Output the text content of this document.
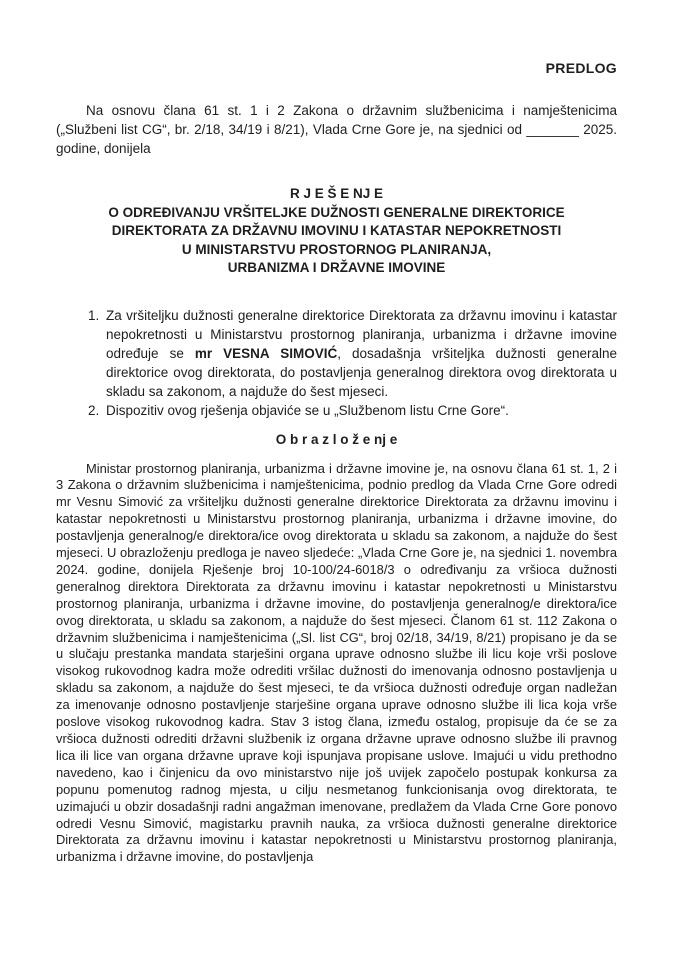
PREDLOG

Na osnovu člana 61 st. 1 i 2 Zakona o državnim službenicima i namještenicima („Službeni list CG“, br. 2/18, 34/19 i 8/21), Vlada Crne Gore je, na sjednici od _______ 2025. godine, donijela

R J E Š E NJ E
O ODREĐIVANJU VRŠITELJKE DUŽNOSTI GENERALNE DIREKTORICE
DIREKTORATA ZA DRŽAVNU IMOVINU I KATASTAR NEPOKRETNOSTI
U MINISTARSTVU PROSTORNOG PLANIRANJA,
URBANIZMA I DRŽAVNE IMOVINE
1. Za vršiteljku dužnosti generalne direktorice Direktorata za državnu imovinu i katastar nepokretnosti u Ministarstvu prostornog planiranja, urbanizma i državne imovine određuje se mr VESNA SIMOVIĆ, dosadašnja vršiteljka dužnosti generalne direktorice ovog direktorata, do postavljenja generalnog direktora ovog direktorata u skladu sa zakonom, a najduže do šest mjeseci.
2. Dispozitiv ovog rješenja objaviće se u „Službenom listu Crne Gore“.
O b r a z l o ž e nj e

Ministar prostornog planiranja, urbanizma i državne imovine je, na osnovu člana 61 st. 1, 2 i 3 Zakona o državnim službenicima i namještenicima, podnio predlog da Vlada Crne Gore odredi mr Vesnu Simović za vršiteljku dužnosti generalne direktorice Direktorata za državnu imovinu i katastar nepokretnosti u Ministarstvu prostornog planiranja, urbanizma i državne imovine, do postavljenja generalnog/e direktora/ice ovog direktorata u skladu sa zakonom, a najduže do šest mjeseci. U obrazloženju predloga je naveo sljedeće: „Vlada Crne Gore je, na sjednici 1. novembra 2024. godine, donijela Rješenje broj 10-100/24-6018/3 o određivanju za vršioca dužnosti generalnog direktora Direktorata za državnu imovinu i katastar nepokretnosti u Ministarstvu prostornog planiranja, urbanizma i državne imovine, do postavljenja generalnog/e direktora/ice ovog direktorata, u skladu sa zakonom, a najduže do šest mjeseci. Članom 61 st. 112 Zakona o državnim službenicima i namještenicima („Sl. list CG“, broj 02/18, 34/19, 8/21) propisano je da se u slučaju prestanka mandata starješini organa uprave odnosno službe ili licu koje vrši poslove visokog rukovodnog kadra može odrediti vršilac dužnosti do imenovanja odnosno postavljenja u skladu sa zakonom, a najduže do šest mjeseci, te da vršioca dužnosti određuje organ nadležan za imenovanje odnosno postavljenje starješine organa uprave odnosno službe ili lica koja vrše poslove visokog rukovodnog kadra. Stav 3 istog člana, između ostalog, propisuje da će se za vršioca dužnosti odrediti državni službenik iz organa državne uprave odnosno službe ili pravnog lica ili lice van organa državne uprave koji ispunjava propisane uslove. Imajući u vidu prethodno navedeno, kao i činjenicu da ovo ministarstvo nije još uvijek započelo postupak konkursa za popunu pomenutog radnog mjesta, u cilju nesmetanog funkcionisanja ovog direktorata, te uzimajući u obzir dosadašnji radni angažman imenovane, predlažem da Vlada Crne Gore ponovo odredi Vesnu Simović, magistarku pravnih nauka, za vršioca dužnosti generalne direktorice Direktorata za državnu imovinu i katastar nepokretnosti u Ministarstvu prostornog planiranja, urbanizma i državne imovine, do postavljenja
